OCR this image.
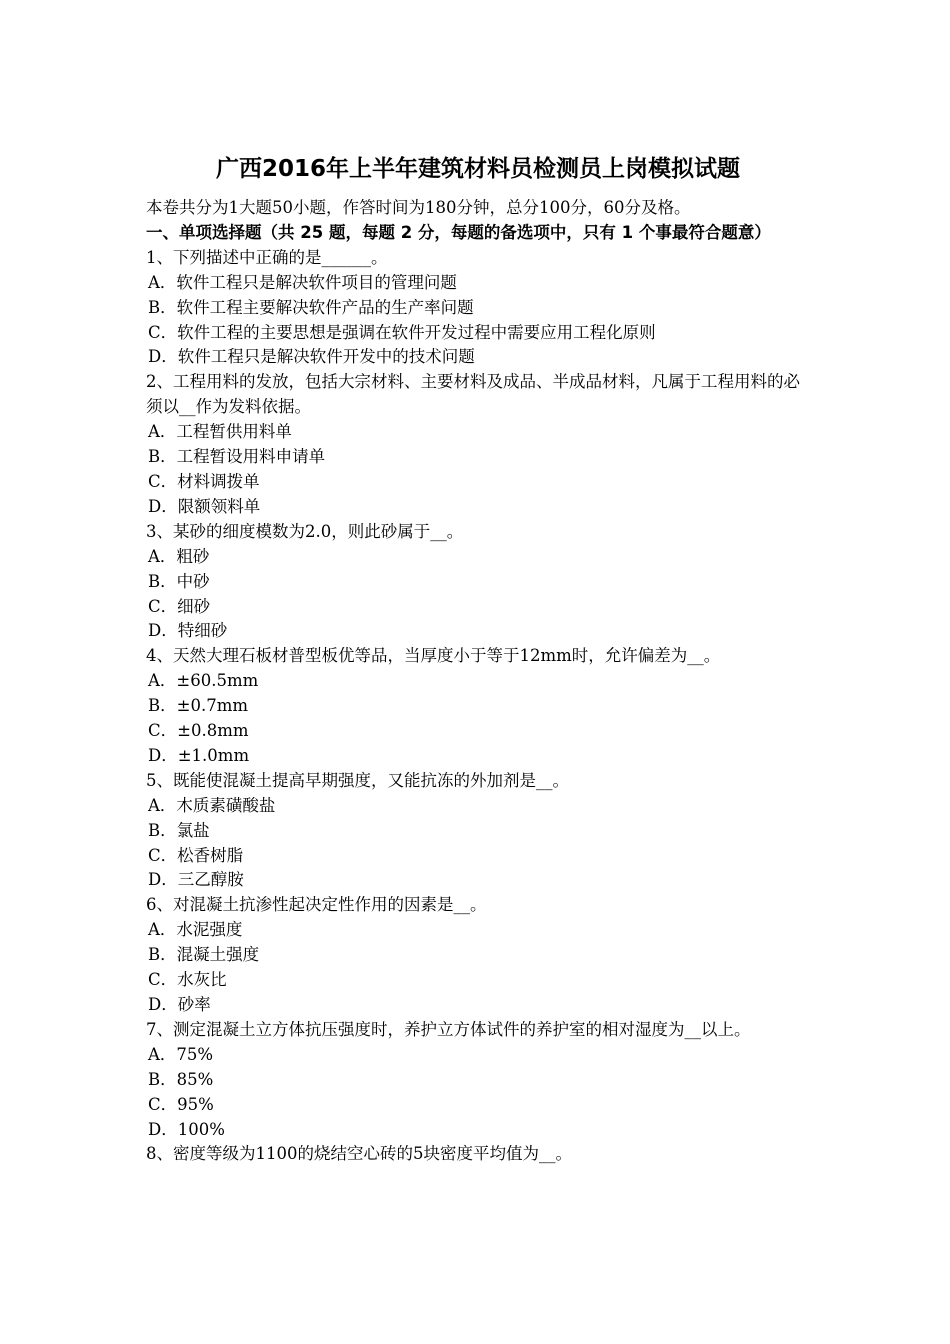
广西2016年上半年建筑材料员检测员上岗模拟试题
本卷共分为1大题50小题，作答时间为180分钟，总分100分，60分及格。
一、单项选择题（共 25 题，每题 2 分，每题的备选项中，只有 1 个事最符合题意）
1、下列描述中正确的是______。
A．软件工程只是解决软件项目的管理问题
B．软件工程主要解决软件产品的生产率问题
C．软件工程的主要思想是强调在软件开发过程中需要应用工程化原则
D．软件工程只是解决软件开发中的技术问题
2、工程用料的发放，包括大宗材料、主要材料及成品、半成品材料，凡属于工程用料的必须以__作为发料依据。
A．工程暂供用料单
B．工程暂设用料申请单
C．材料调拨单
D．限额领料单
3、某砂的细度模数为2.0，则此砂属于__。
A．粗砂
B．中砂
C．细砂
D．特细砂
4、天然大理石板材普型板优等品，当厚度小于等于12mm时，允许偏差为__。
A．±60.5mm
B．±0.7mm
C．±0.8mm
D．±1.0mm
5、既能使混凝土提高早期强度，又能抗冻的外加剂是__。
A．木质素磺酸盐
B．氯盐
C．松香树脂
D．三乙醇胺
6、对混凝土抗渗性起决定性作用的因素是__。
A．水泥强度
B．混凝土强度
C．水灰比
D．砂率
7、测定混凝土立方体抗压强度时，养护立方体试件的养护室的相对湿度为__以上。
A．75%
B．85%
C．95%
D．100%
8、密度等级为1100的烧结空心砖的5块密度平均值为__。
